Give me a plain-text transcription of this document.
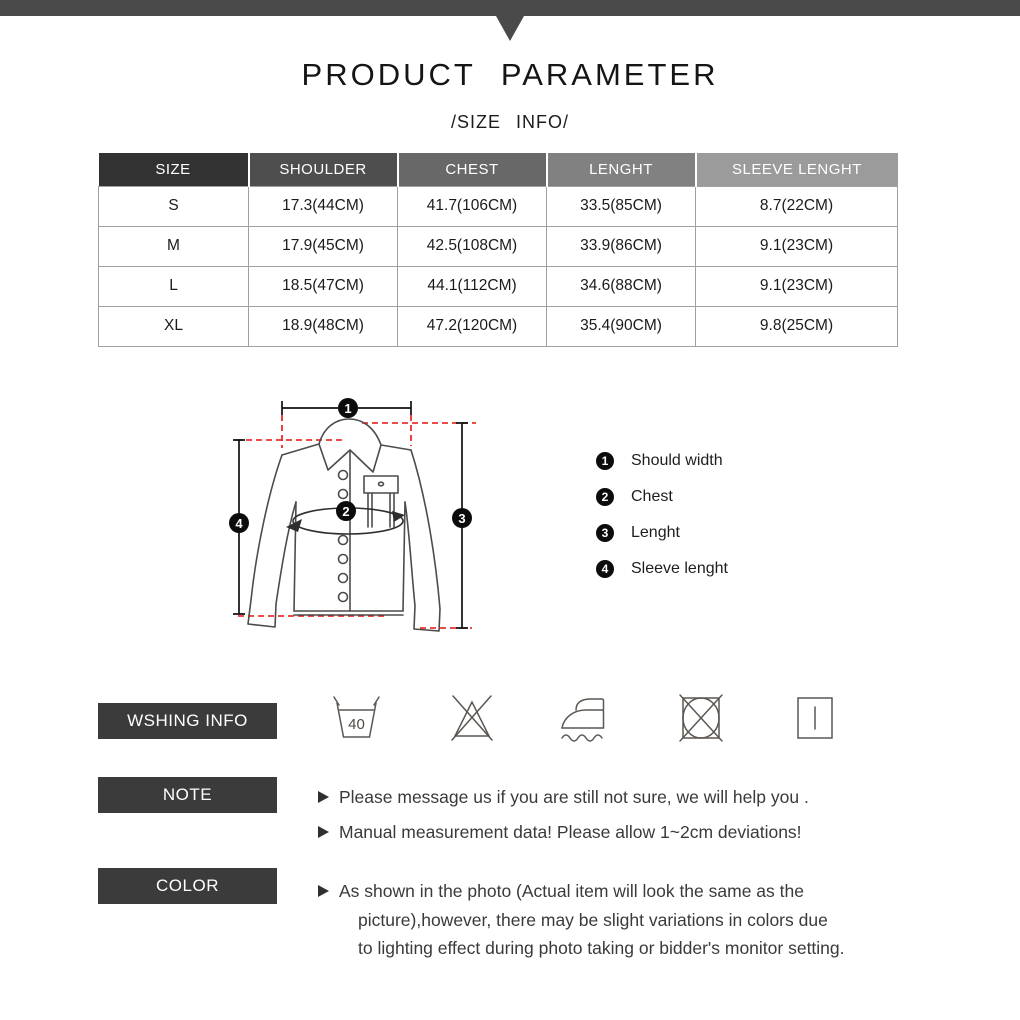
PRODUCT PARAMETER
/SIZE INFO/
SIZE	SHOULDER	CHEST	LENGHT	SLEEVE LENGHT
S	17.3(44CM)	41.7(106CM)	33.5(85CM)	8.7(22CM)
M	17.9(45CM)	42.5(108CM)	33.9(86CM)	9.1(23CM)
L	18.5(47CM)	44.1(112CM)	34.6(88CM)	9.1(23CM)
XL	18.9(48CM)	47.2(120CM)	35.4(90CM)	9.8(25CM)
1
2	3
4
1	Should width
2	Chest
3	Lenght
4	Sleeve lenght
WSHING INFO	40
NOTE	Please message us if you are still not sure, we will help you .
Manual measurement data! Please allow 1~2cm deviations!
COLOR	As shown in the photo (Actual item will look the same as the
picture),however, there may be slight variations in colors due
to lighting effect during photo taking or bidder's monitor setting.
